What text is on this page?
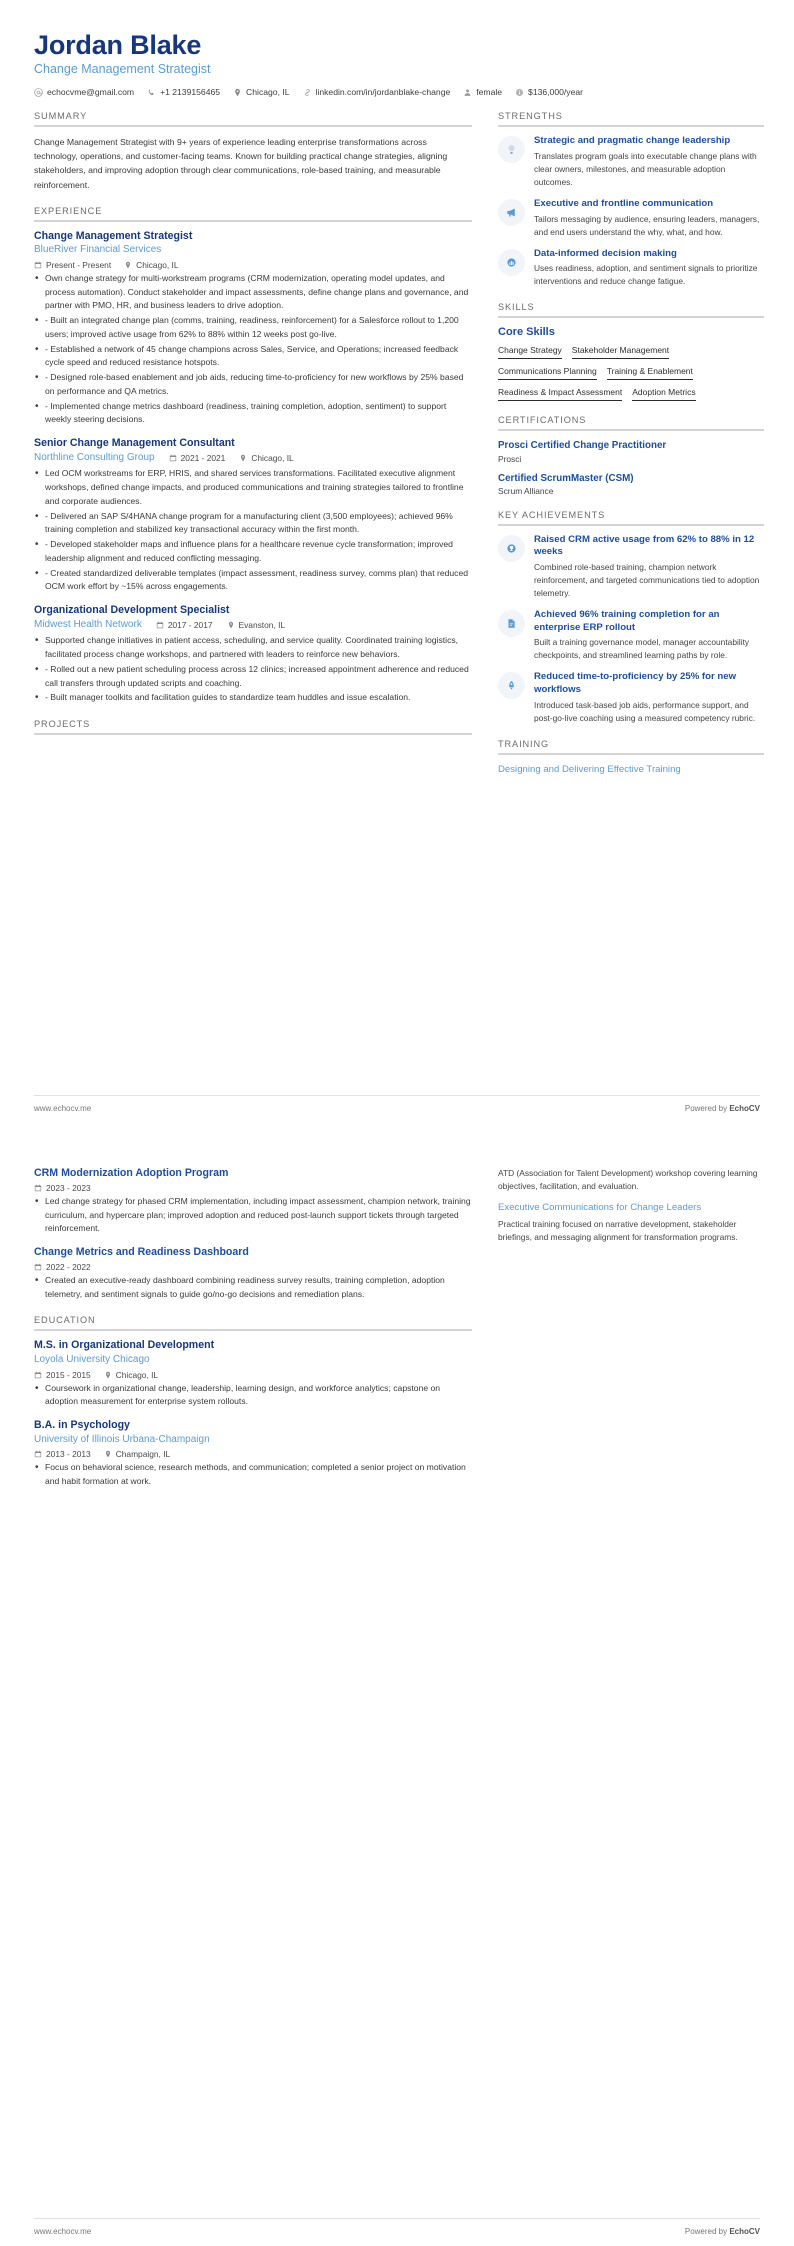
Jordan Blake
Change Management Strategist
echocvme@gmail.com	+1 2139156465	Chicago, IL	linkedin.com/in/jordanblake-change	female	$136,000/year
SUMMARY
Change Management Strategist with 9+ years of experience leading enterprise transformations across technology, operations, and customer-facing teams. Known for building practical change strategies, aligning stakeholders, and improving adoption through clear communications, role-based training, and measurable reinforcement.
EXPERIENCE
Change Management Strategist
BlueRiver Financial Services
Present - Present	Chicago, IL
• Own change strategy for multi-workstream programs (CRM modernization, operating model updates, and process automation). Conduct stakeholder and impact assessments, define change plans and governance, and partner with PMO, HR, and business leaders to drive adoption.
• - Built an integrated change plan (comms, training, readiness, reinforcement) for a Salesforce rollout to 1,200 users; improved active usage from 62% to 88% within 12 weeks post go-live.
• - Established a network of 45 change champions across Sales, Service, and Operations; increased feedback cycle speed and reduced resistance hotspots.
• - Designed role-based enablement and job aids, reducing time-to-proficiency for new workflows by 25% based on performance and QA metrics.
• - Implemented change metrics dashboard (readiness, training completion, adoption, sentiment) to support weekly steering decisions.
Senior Change Management Consultant
Northline Consulting Group	2021 - 2021	Chicago, IL
• Led OCM workstreams for ERP, HRIS, and shared services transformations. Facilitated executive alignment workshops, defined change impacts, and produced communications and training strategies tailored to frontline and corporate audiences.
• - Delivered an SAP S/4HANA change program for a manufacturing client (3,500 employees); achieved 96% training completion and stabilized key transactional accuracy within the first month.
• - Developed stakeholder maps and influence plans for a healthcare revenue cycle transformation; improved leadership alignment and reduced conflicting messaging.
• - Created standardized deliverable templates (impact assessment, readiness survey, comms plan) that reduced OCM work effort by ~15% across engagements.
Organizational Development Specialist
Midwest Health Network	2017 - 2017	Evanston, IL
• Supported change initiatives in patient access, scheduling, and service quality. Coordinated training logistics, facilitated process change workshops, and partnered with leaders to reinforce new behaviors.
• - Rolled out a new patient scheduling process across 12 clinics; increased appointment adherence and reduced call transfers through updated scripts and coaching.
• - Built manager toolkits and facilitation guides to standardize team huddles and issue escalation.
PROJECTS
STRENGTHS
Strategic and pragmatic change leadership
Translates program goals into executable change plans with clear owners, milestones, and measurable adoption outcomes.
Executive and frontline communication
Tailors messaging by audience, ensuring leaders, managers, and end users understand the why, what, and how.
Data-informed decision making
Uses readiness, adoption, and sentiment signals to prioritize interventions and reduce change fatigue.
SKILLS
Core Skills
Change Strategy Stakeholder Management
Communications Planning Training & Enablement
Readiness & Impact Assessment Adoption Metrics
CERTIFICATIONS
Prosci Certified Change Practitioner
Prosci
Certified ScrumMaster (CSM)
Scrum Alliance
KEY ACHIEVEMENTS
Raised CRM active usage from 62% to 88% in 12 weeks
Combined role-based training, champion network reinforcement, and targeted communications tied to adoption telemetry.
Achieved 96% training completion for an enterprise ERP rollout
Built a training governance model, manager accountability checkpoints, and streamlined learning paths by role.
Reduced time-to-proficiency by 25% for new workflows
Introduced task-based job aids, performance support, and post-go-live coaching using a measured competency rubric.
TRAINING
Designing and Delivering Effective Training
www.echocv.me	Powered by EchoCV
CRM Modernization Adoption Program
2023 - 2023
• Led change strategy for phased CRM implementation, including impact assessment, champion network, training curriculum, and hypercare plan; improved adoption and reduced post-launch support tickets through targeted reinforcement.
Change Metrics and Readiness Dashboard
2022 - 2022
• Created an executive-ready dashboard combining readiness survey results, training completion, adoption telemetry, and sentiment signals to guide go/no-go decisions and remediation plans.
EDUCATION
M.S. in Organizational Development
Loyola University Chicago
2015 - 2015	Chicago, IL
• Coursework in organizational change, leadership, learning design, and workforce analytics; capstone on adoption measurement for enterprise system rollouts.
B.A. in Psychology
University of Illinois Urbana-Champaign
2013 - 2013	Champaign, IL
• Focus on behavioral science, research methods, and communication; completed a senior project on motivation and habit formation at work.
ATD (Association for Talent Development) workshop covering learning objectives, facilitation, and evaluation.
Executive Communications for Change Leaders
Practical training focused on narrative development, stakeholder briefings, and messaging alignment for transformation programs.
www.echocv.me	Powered by EchoCV
